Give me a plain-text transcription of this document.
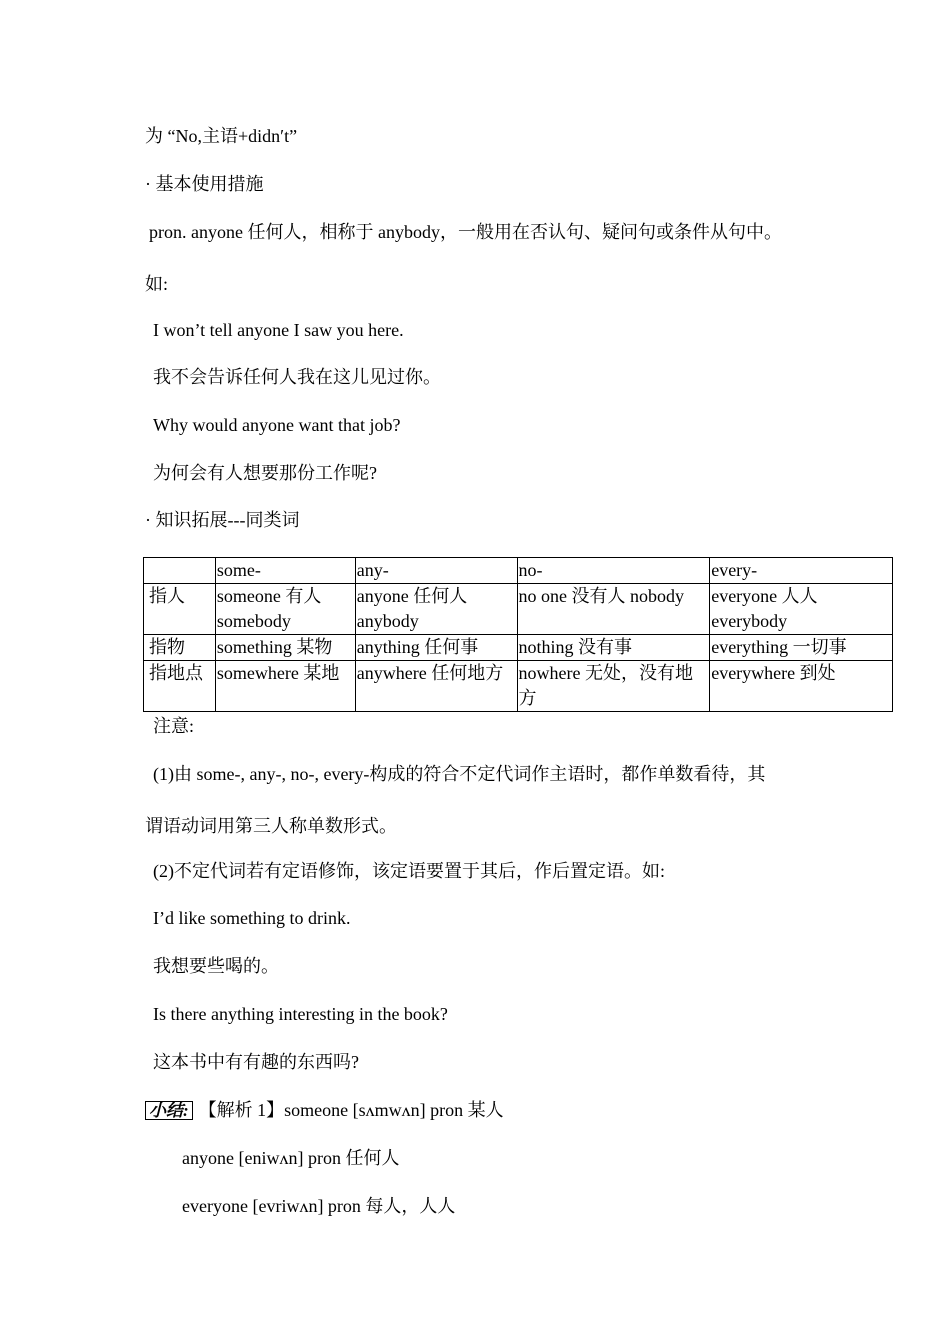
为 “No,主语+didn′t”
· 基本使用措施
pron. anyone 任何人，相称于 anybody，一般用在否认句、疑问句或条件从句中。
如:
I won’t tell anyone I saw you here.
我不会告诉任何人我在这儿见过你。
Why would anyone want that job?
为何会有人想要那份工作呢?
· 知识拓展---同类词
	some-	any-	no-	every-
指人	someone 有人 somebody	anyone 任何人 anybody	no one 没有人 nobody	everyone 人人 everybody
指物	something 某物	anything 任何事	nothing 没有事	everything 一切事
指地点	somewhere 某地	anywhere 任何地方	nowhere 无处，没有地方	everywhere 到处
注意:
(1)由 some-, any-, no-, every-构成的符合不定代词作主语时，都作单数看待，其
谓语动词用第三人称单数形式。
(2)不定代词若有定语修饰，该定语要置于其后，作后置定语。如:
I’d like something to drink.
我想要些喝的。
Is there anything interesting in the book?
这本书中有有趣的东西吗?
小结: 【解析 1】someone [sʌmwʌn] pron 某人
anyone [eniwʌn] pron 任何人
everyone [evriwʌn] pron 每人，人人
